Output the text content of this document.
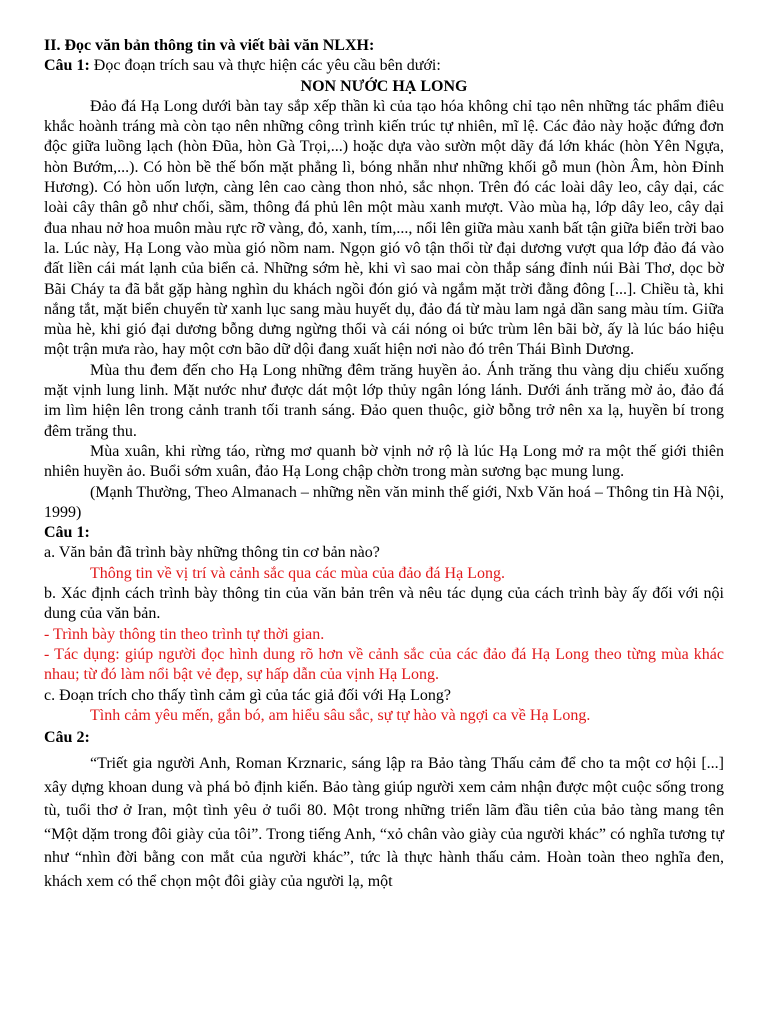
II. Đọc văn bản thông tin và viết bài văn NLXH:

Câu 1: Đọc đoạn trích sau và thực hiện các yêu cầu bên dưới:

NON NƯỚC HẠ LONG

Đảo đá Hạ Long dưới bàn tay sắp xếp thần kì của tạo hóa không chỉ tạo nên những tác phẩm điêu khắc hoành tráng mà còn tạo nên những công trình kiến trúc tự nhiên, mĩ lệ. Các đảo này hoặc đứng đơn độc giữa luồng lạch (hòn Đũa, hòn Gà Trọi,...) hoặc dựa vào sườn một dãy đá lớn khác (hòn Yên Ngựa, hòn Bướm,...). Có hòn bề thế bốn mặt phẳng lì, bóng nhẵn như những khối gỗ mun (hòn Âm, hòn Đỉnh Hương). Có hòn uốn lượn, càng lên cao càng thon nhỏ, sắc nhọn. Trên đó các loài dây leo, cây dại, các loài cây thân gỗ như chối, sầm, thông đá phủ lên một màu xanh mượt. Vào mùa hạ, lớp dây leo, cây dại đua nhau nở hoa muôn màu rực rỡ vàng, đỏ, xanh, tím,..., nổi lên giữa màu xanh bất tận giữa biển trời bao la. Lúc này, Hạ Long vào mùa gió nồm nam. Ngọn gió vô tận thổi từ đại dương vượt qua lớp đảo đá vào đất liền cái mát lạnh của biển cả. Những sớm hè, khi vì sao mai còn thắp sáng đỉnh núi Bài Thơ, dọc bờ Bãi Cháy ta đã bắt gặp hàng nghìn du khách ngồi đón gió và ngắm mặt trời đằng đông [...]. Chiều tà, khi nắng tắt, mặt biển chuyển từ xanh lục sang màu huyết dụ, đảo đá từ màu lam ngả dần sang màu tím. Giữa mùa hè, khi gió đại dương bỗng dưng ngừng thổi và cái nóng oi bức trùm lên bãi bờ, ấy là lúc báo hiệu một trận mưa rào, hay một cơn bão dữ dội đang xuất hiện nơi nào đó trên Thái Bình Dương.

Mùa thu đem đến cho Hạ Long những đêm trăng huyền ảo. Ánh trăng thu vàng dịu chiếu xuống mặt vịnh lung linh. Mặt nước như được dát một lớp thủy ngân lóng lánh. Dưới ánh trăng mờ ảo, đảo đá im lìm hiện lên trong cảnh tranh tối tranh sáng. Đảo quen thuộc, giờ bỗng trở nên xa lạ, huyền bí trong đêm trăng thu.

Mùa xuân, khi rừng táo, rừng mơ quanh bờ vịnh nở rộ là lúc Hạ Long mở ra một thế giới thiên nhiên huyền ảo. Buổi sớm xuân, đảo Hạ Long chập chờn trong màn sương bạc mung lung.

(Mạnh Thường, Theo Almanach – những nền văn minh thế giới, Nxb Văn hoá – Thông tin Hà Nội, 1999)

Câu 1:

a. Văn bản đã trình bày những thông tin cơ bản nào?

Thông tin về vị trí và cảnh sắc qua các mùa của đảo đá Hạ Long.

b. Xác định cách trình bày thông tin của văn bản trên và nêu tác dụng của cách trình bày ấy đối với nội dung của văn bản.

- Trình bày thông tin theo trình tự thời gian.

- Tác dụng: giúp người đọc hình dung rõ hơn về cảnh sắc của các đảo đá Hạ Long theo từng mùa khác nhau; từ đó làm nổi bật vẻ đẹp, sự hấp dẫn của vịnh Hạ Long.

c. Đoạn trích cho thấy tình cảm gì của tác giả đối với Hạ Long?

Tình cảm yêu mến, gắn bó, am hiểu sâu sắc, sự tự hào và ngợi ca về Hạ Long.

Câu 2:

“Triết gia người Anh, Roman Krznaric, sáng lập ra Bảo tàng Thấu cảm để cho ta một cơ hội [...] xây dựng khoan dung và phá bỏ định kiến. Bảo tàng giúp người xem cảm nhận được một cuộc sống trong tù, tuổi thơ ở Iran, một tình yêu ở tuổi 80. Một trong những triển lãm đầu tiên của bảo tàng mang tên “Một dặm trong đôi giày của tôi”. Trong tiếng Anh, “xỏ chân vào giày của người khác” có nghĩa tương tự như “nhìn đời bằng con mắt của người khác”, tức là thực hành thấu cảm. Hoàn toàn theo nghĩa đen, khách xem có thể chọn một đôi giày của người lạ, một
